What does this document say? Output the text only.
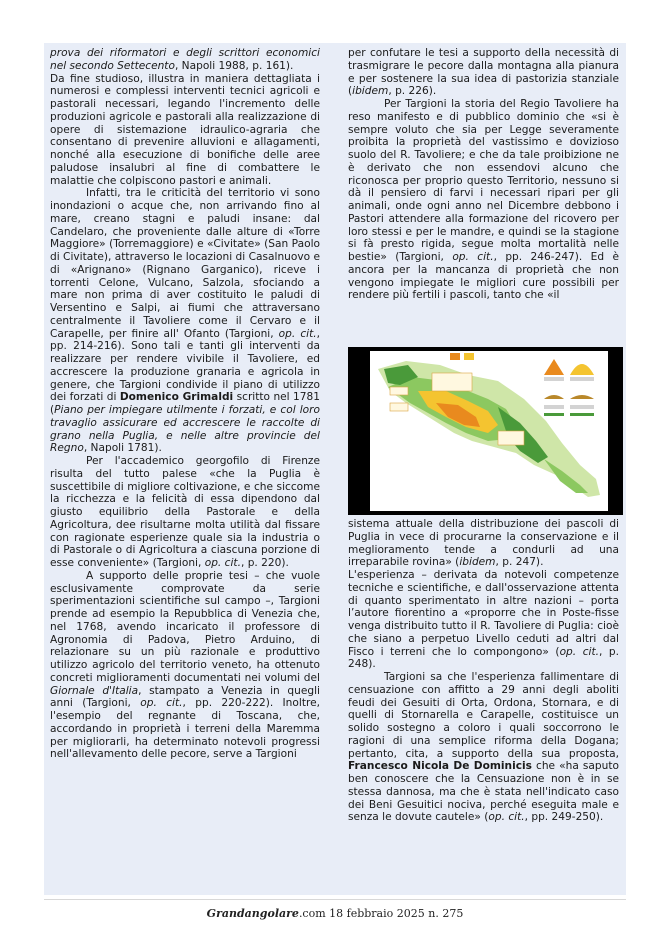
prova dei riformatori e degli scrittori economici nel secondo Settecento, Napoli 1988, p. 161).

Da fine studioso, illustra in maniera dettagliata i numerosi e complessi interventi tecnici agricoli e pastorali necessari, legando l'incremento delle produzioni agricole e pastorali alla realizzazione di opere di sistemazione idraulico-agraria che consentano di prevenire alluvioni e allagamenti, nonché alla esecuzione di bonifiche delle aree paludose insalubri al fine di combattere le malattie che colpiscono pastori e animali.

Infatti, tra le criticità del territorio vi sono inondazioni o acque che, non arrivando fino al mare, creano stagni e paludi insane: dal Candelaro, che proveniente dalle alture di «Torre Maggiore» (Torremaggiore) e «Civitate» (San Paolo di Civitate), attraverso le locazioni di Casalnuovo e di «Arignano» (Rignano Garganico), riceve i torrenti Celone, Vulcano, Salzola, sfociando a mare non prima di aver costituito le paludi di Versentino e Salpi, ai fiumi che attraversano centralmente il Tavoliere come il Cervaro e il Carapelle, per finire all' Ofanto (Targioni, op. cit., pp. 214-216). Sono tali e tanti gli interventi da realizzare per rendere vivibile il Tavoliere, ed accrescere la produzione granaria e agricola in genere, che Targioni condivide il piano di utilizzo dei forzati di Domenico Grimaldi scritto nel 1781 (Piano per impiegare utilmente i forzati, e col loro travaglio assicurare ed accrescere le raccolte di grano nella Puglia, e nelle altre provincie del Regno, Napoli 1781).

Per l'accademico georgofilo di Firenze risulta del tutto palese «che la Puglia è suscettibile di migliore coltivazione, e che siccome la ricchezza e la felicità di essa dipendono dal giusto equilibrio della Pastorale e della Agricoltura, dee risultarne molta utilità dal fissare con ragionate esperienze quale sia la industria o di Pastorale o di Agricoltura a ciascuna porzione di esse conveniente» (Targioni, op. cit., p. 220).

A supporto delle proprie tesi – che vuole esclusivamente comprovate da serie sperimentazioni scientifiche sul campo –, Targioni prende ad esempio la Repubblica di Venezia che, nel 1768, avendo incaricato il professore di Agronomia di Padova, Pietro Arduino, di relazionare su un più razionale e produttivo utilizzo agricolo del territorio veneto, ha ottenuto concreti miglioramenti documentati nei volumi del Giornale d'Italia, stampato a Venezia in quegli anni (Targioni, op. cit., pp. 220-222). Inoltre, l'esempio del regnante di Toscana, che, accordando in proprietà i terreni della Maremma per migliorarli, ha determinato notevoli progressi nell'allevamento delle pecore, serve a Targioni

per confutare le tesi a supporto della necessità di trasmigrare le pecore dalla montagna alla pianura e per sostenere la sua idea di pastorizia stanziale (ibidem, p. 226).

Per Targioni la storia del Regio Tavoliere ha reso manifesto e di pubblico dominio che «si è sempre voluto che sia per Legge severamente proibita la proprietà del vastissimo e dovizioso suolo del R. Tavoliere; e che da tale proibizione ne è derivato che non essendovi alcuno che riconosca per proprio questo Territorio, nessuno si dà il pensiero di farvi i necessari ripari per gli animali, onde ogni anno nel Dicembre debbono i Pastori attendere alla formazione del ricovero per loro stessi e per le mandre, e quindi se la stagione si fà presto rigida, segue molta mortalità nelle bestie» (Targioni, op. cit., pp. 246-247). Ed è ancora per la mancanza di proprietà che non vengono impiegate le migliori cure possibili per rendere più fertili i pascoli, tanto che «il

sistema attuale della distribuzione dei pascoli di Puglia in vece di procurarne la conservazione e il meglioramento tende a condurli ad una irreparabile rovina» (ibidem, p. 247).

L'esperienza – derivata da notevoli competenze tecniche e scientifiche, e dall'osservazione attenta di quanto sperimentato in altre nazioni – porta l’autore fiorentino a «proporre che in Poste-fisse venga distribuito tutto il R. Tavoliere di Puglia: cioè che siano a perpetuo Livello ceduti ad altri dal Fisco i terreni che lo compongono» (op. cit., p. 248).

Targioni sa che l'esperienza fallimentare di censuazione con affitto a 29 anni degli aboliti feudi dei Gesuiti di Orta, Ordona, Stornara, e di quelli di Stornarella e Carapelle, costituisce un solido sostegno a coloro i quali soccorrono le ragioni di una semplice riforma della Dogana; pertanto, cita, a supporto della sua proposta, Francesco Nicola De Dominicis che «ha saputo ben conoscere che la Censuazione non è in se stessa dannosa, ma che è stata nell'indicato caso dei Beni Gesuitici nociva, perché eseguita male e senza le dovute cautele» (op. cit., pp. 249-250).

Grandangolare.com 18 febbraio 2025 n. 275
